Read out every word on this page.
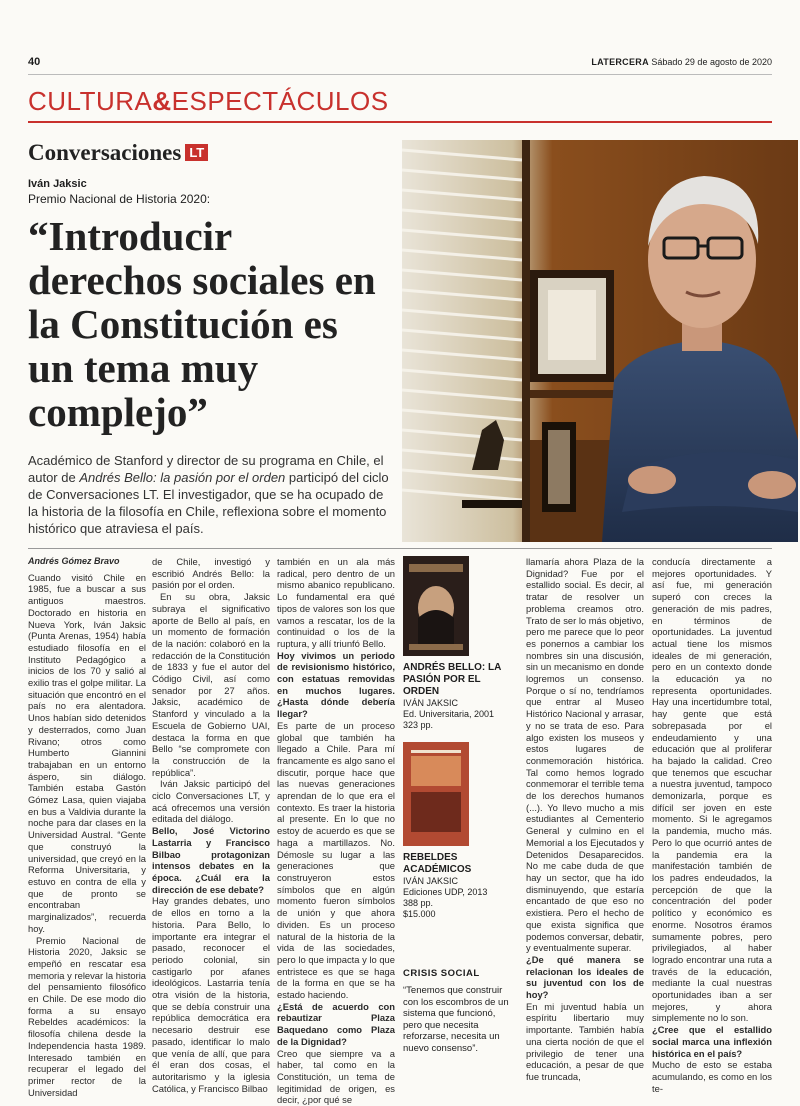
40	LATERCERA Sábado 29 de agosto de 2020
CULTURA&ESPECTÁCULOS
Conversaciones LT
Iván Jaksic
Premio Nacional de Historia 2020:
“Introducir derechos sociales en la Constitución es un tema muy complejo”
Académico de Stanford y director de su programa en Chile, el autor de Andrés Bello: la pasión por el orden participó del ciclo de Conversaciones LT. El investigador, que se ha ocupado de la historia de la filosofía en Chile, reflexiona sobre el momento histórico que atraviesa el país.

Andrés Gómez Bravo

Cuando visitó Chile en 1985, fue a buscar a sus antiguos maestros. Doctorado en historia en Nueva York, Iván Jaksic (Punta Arenas, 1954) había estudiado filosofía en el Instituto Pedagógico a inicios de los 70 y salió al exilio tras el golpe militar. La situación que encontró en el país no era alentadora. Unos habían sido detenidos y desterrados, como Juan Rivano; otros como Humberto Giannini trabajaban en un entorno áspero, sin diálogo. También estaba Gastón Gómez Lasa, quien viajaba en bus a Valdivia durante la noche para dar clases en la Universidad Austral. “Gente que construyó la universidad, que creyó en la Reforma Universitaria, y estuvo en contra de ella y que de pronto se encontraban marginalizados”, recuerda hoy.

Premio Nacional de Historia 2020, Jaksic se empeñó en rescatar esa memoria y relevar la historia del pensamiento filosófico en Chile. De ese modo dio forma a su ensayo Rebeldes académicos: la filosofía chilena desde la Independencia hasta 1989. Interesado también en recuperar el legado del primer rector de la Universidad

de Chile, investigó y escribió Andrés Bello: la pasión por el orden.

En su obra, Jaksic subraya el significativo aporte de Bello al país, en un momento de formación de la nación: colaboró en la redacción de la Constitución de 1833 y fue el autor del Código Civil, así como senador por 27 años. Jaksic, académico de Stanford y vinculado a la Escuela de Gobierno UAI, destaca la forma en que Bello “se compromete con la construcción de la república”.

Iván Jaksic participó del ciclo Conversaciones LT, y acá ofrecemos una versión editada del diálogo.

Bello, José Victorino Lastarria y Francisco Bilbao protagonizan intensos debates en la época. ¿Cuál era la dirección de ese debate?

Hay grandes debates, uno de ellos en torno a la historia. Para Bello, lo importante era integrar el pasado, reconocer el periodo colonial, sin castigarlo por afanes ideológicos. Lastarria tenía otra visión de la historia, que se debía construir una república democrática era necesario destruir ese pasado, identificar lo malo que venía de allí, que para él eran dos cosas, el autoritarismo y la iglesia Católica, y Francisco Bilbao

también en un ala más radical, pero dentro de un mismo abanico republicano. Lo fundamental era qué tipos de valores son los que vamos a rescatar, los de la continuidad o los de la ruptura, y allí triunfó Bello.

Hoy vivimos un periodo de revisionismo histórico, con estatuas removidas en muchos lugares. ¿Hasta dónde debería llegar?

Es parte de un proceso global que también ha llegado a Chile. Para mí francamente es algo sano el discutir, porque hace que las nuevas generaciones aprendan de lo que era el contexto. Es traer la historia al presente. En lo que no estoy de acuerdo es que se haga a martillazos. No. Démosle su lugar a las generaciones que construyeron estos símbolos que en algún momento fueron símbolos de unión y que ahora dividen. Es un proceso natural de la historia de la vida de las sociedades, pero lo que impacta y lo que entristece es que se haga de la forma en que se ha estado haciendo.

¿Está de acuerdo con rebautizar Plaza Baquedano como Plaza de la Dignidad?

Creo que siempre va a haber, tal como en la Constitución, un tema de legitimidad de origen, es decir, ¿por qué se

ANDRÉS BELLO: LA PASIÓN POR EL ORDEN
IVÁN JAKSIC
Ed. Universitaria, 2001
323 pp.
REBELDES ACADÉMICOS
IVÁN JAKSIC
Ediciones UDP, 2013
388 pp.
$15.000
CRISIS SOCIAL
“Tenemos que construir con los escombros de un sistema que funcionó, pero que necesita reforzarse, necesita un nuevo consenso”.

llamaría ahora Plaza de la Dignidad? Fue por el estallido social. Es decir, al tratar de resolver un problema creamos otro. Trato de ser lo más objetivo, pero me parece que lo peor es ponernos a cambiar los nombres sin una discusión, sin un mecanismo en donde logremos un consenso. Porque o sí no, tendríamos que entrar al Museo Histórico Nacional y arrasar, y no se trata de eso. Para algo existen los museos y estos lugares de conmemoración histórica. Tal como hemos logrado conmemorar el terrible tema de los derechos humanos (...). Yo llevo mucho a mis estudiantes al Cementerio General y culmino en el Memorial a los Ejecutados y Detenidos Desaparecidos. No me cabe duda de que hay un sector, que ha ido disminuyendo, que estaría encantado de que eso no existiera. Pero el hecho de que exista significa que podemos conversar, debatir, y eventualmente superar.

¿De qué manera se relacionan los ideales de su juventud con los de hoy?

En mi juventud había un espíritu libertario muy importante. También había una cierta noción de que el privilegio de tener una educación, a pesar de que fue truncada,

conducía directamente a mejores oportunidades. Y así fue, mi generación superó con creces la generación de mis padres, en términos de oportunidades. La juventud actual tiene los mismos ideales de mi generación, pero en un contexto donde la educación ya no representa oportunidades. Hay una incertidumbre total, hay gente que está sobrepasada por el endeudamiento y una educación que al proliferar ha bajado la calidad. Creo que tenemos que escuchar a nuestra juventud, tampoco demonizarla, porque es difícil ser joven en este momento. Si le agregamos la pandemia, mucho más. Pero lo que ocurrió antes de la pandemia era la manifestación también de los padres endeudados, la percepción de que la concentración del poder político y económico es enorme. Nosotros éramos sumamente pobres, pero privilegiados, al haber logrado encontrar una ruta a través de la educación, mediante la cual nuestras oportunidades iban a ser mejores, y ahora simplemente no lo son.

¿Cree que el estallido social marca una inflexión histórica en el país?

Mucho de esto se estaba acumulando, es como en los te-
